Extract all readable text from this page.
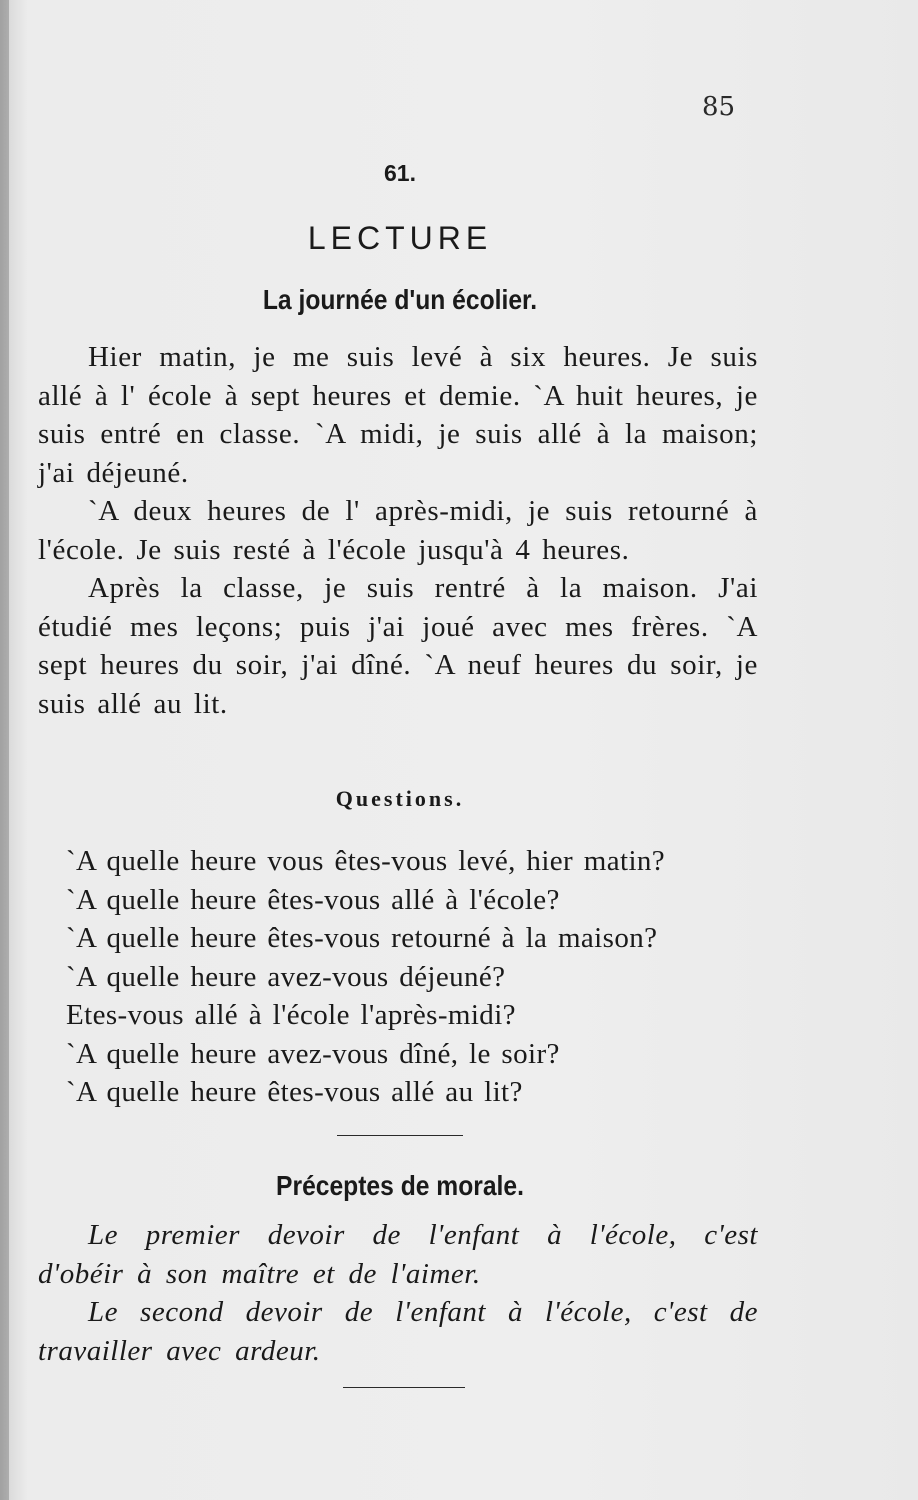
85
61.
LECTURE
La journée d'un écolier.

Hier matin, je me suis levé à six heures. Je suis allé à l' école à sept heures et demie. `A huit heures, je suis entré en classe. `A midi, je suis allé à la maison; j'ai déjeuné.

`A deux heures de l' après-midi, je suis retourné à l'école. Je suis resté à l'école jusqu'à 4 heures.

Après la classe, je suis rentré à la maison. J'ai étudié mes leçons; puis j'ai joué avec mes frères. `A sept heures du soir, j'ai dîné. `A neuf heures du soir, je suis allé au lit.

Questions.
`A quelle heure vous êtes-vous levé, hier matin?
`A quelle heure êtes-vous allé à l'école?
`A quelle heure êtes-vous retourné à la maison?
`A quelle heure avez-vous déjeuné?
Etes-vous allé à l'école l'après-midi?
`A quelle heure avez-vous dîné, le soir?
`A quelle heure êtes-vous allé au lit?
Préceptes de morale.

Le premier devoir de l'enfant à l'école, c'est d'obéir à son maître et de l'aimer.

Le second devoir de l'enfant à l'école, c'est de travailler avec ardeur.
